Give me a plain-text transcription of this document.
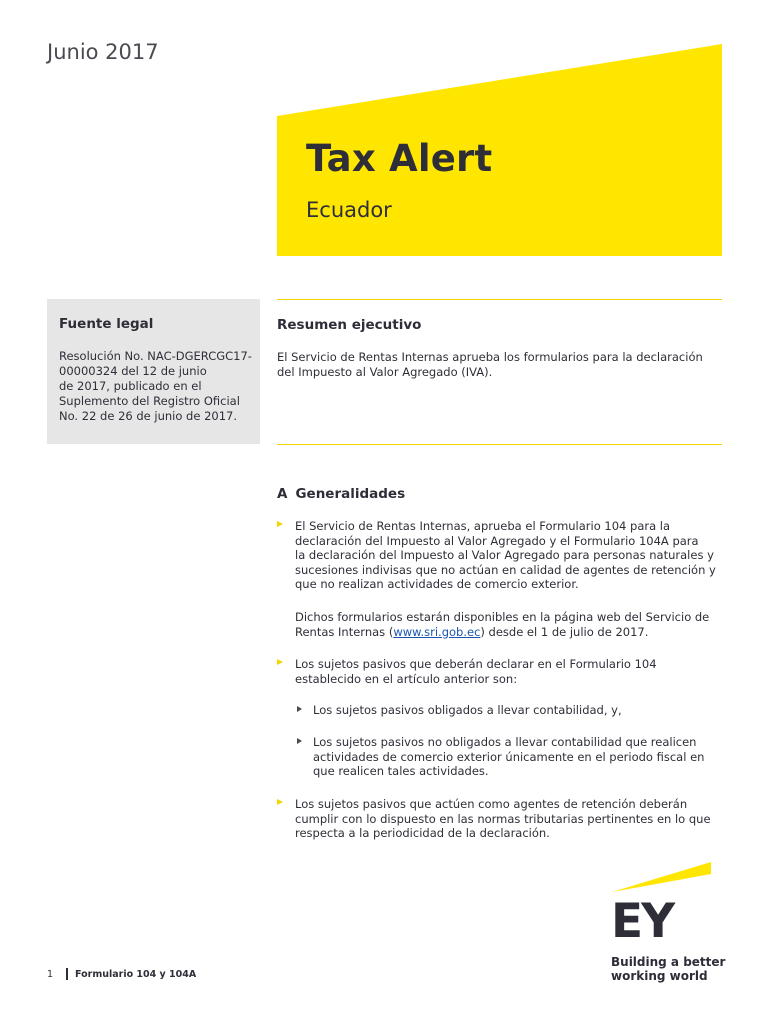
Junio 2017
Tax Alert
Ecuador
Fuente legal
Resolución No. NAC-DGERCGC17-
00000324 del 12 de junio
de 2017, publicado en el
Suplemento del Registro Oficial
No. 22 de 26 de junio de 2017.
Resumen ejecutivo
El Servicio de Rentas Internas aprueba los formularios para la declaración
del Impuesto al Valor Agregado (IVA).
A Generalidades
El Servicio de Rentas Internas, aprueba el Formulario 104 para la
declaración del Impuesto al Valor Agregado y el Formulario 104A para
la declaración del Impuesto al Valor Agregado para personas naturales y
sucesiones indivisas que no actúan en calidad de agentes de retención y
que no realizan actividades de comercio exterior.
Dichos formularios estarán disponibles en la página web del Servicio de
Rentas Internas (www.sri.gob.ec) desde el 1 de julio de 2017.
Los sujetos pasivos que deberán declarar en el Formulario 104
establecido en el artículo anterior son:
Los sujetos pasivos obligados a llevar contabilidad, y,
Los sujetos pasivos no obligados a llevar contabilidad que realicen
actividades de comercio exterior únicamente en el periodo fiscal en
que realicen tales actividades.
Los sujetos pasivos que actúen como agentes de retención deberán
cumplir con lo dispuesto en las normas tributarias pertinentes en lo que
respecta a la periodicidad de la declaración.
EY
Building a better
working world
1 Formulario 104 y 104A
